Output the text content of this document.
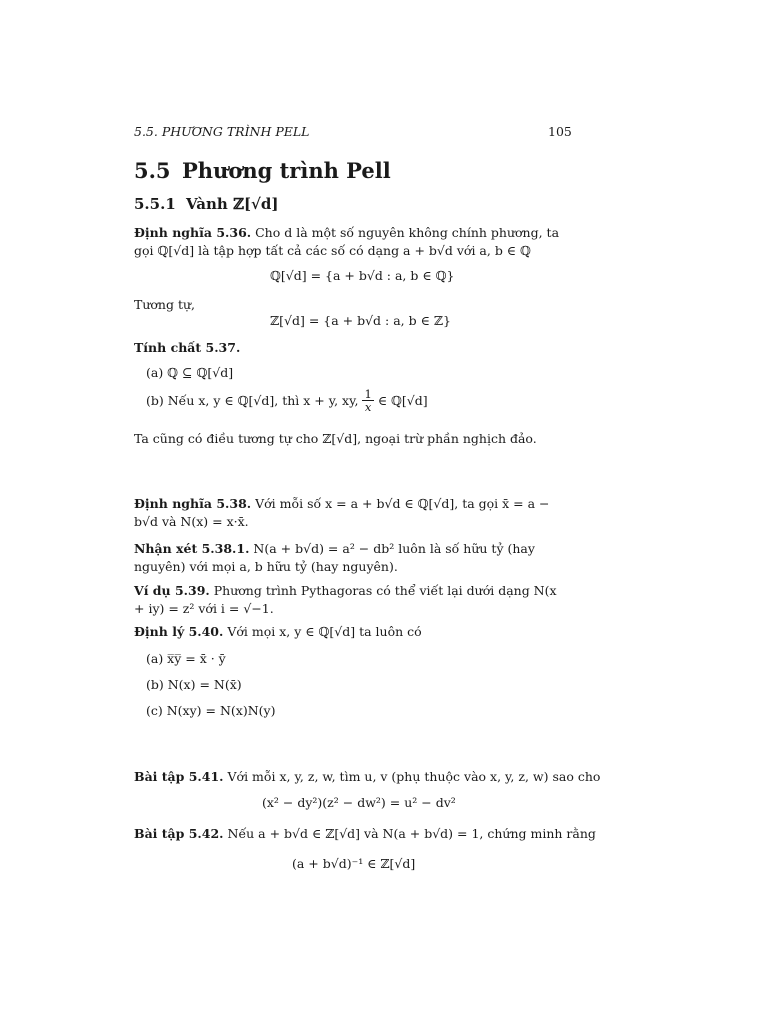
5.5. PHƯƠNG TRÌNH PELL	105
5.5 Phương trình Pell
5.5.1 Vành ℤ[√d]
Định nghĩa 5.36. Cho d là một số nguyên không chính phương, ta gọi ℚ[√d] là tập hợp tất cả các số có dạng a + b√d với a, b ∈ ℚ
ℚ[√d] = {a + b√d : a, b ∈ ℚ}
Tương tự,
ℤ[√d] = {a + b√d : a, b ∈ ℤ}
Tính chất 5.37.
(a) ℚ ⊆ ℚ[√d]
(b) Nếu x, y ∈ ℚ[√d], thì x + y, xy, 1
x ∈ ℚ[√d]
Ta cũng có điều tương tự cho ℤ[√d], ngoại trừ phần nghịch đảo.
Định nghĩa 5.38. Với mỗi số x = a + b√d ∈ ℚ[√d], ta gọi x̄ = a − b√d và N(x) = x·x̄.
Nhận xét 5.38.1. N(a + b√d) = a² − db² luôn là số hữu tỷ (hay nguyên) với mọi a, b hữu tỷ (hay nguyên).
Ví dụ 5.39. Phương trình Pythagoras có thể viết lại dưới dạng N(x + iy) = z² với i = √−1.
Định lý 5.40. Với mọi x, y ∈ ℚ[√d] ta luôn có
(a) x̅y̅ = x̄ · ȳ
(b) N(x) = N(x̄)
(c) N(xy) = N(x)N(y)
Bài tập 5.41. Với mỗi x, y, z, w, tìm u, v (phụ thuộc vào x, y, z, w) sao cho
(x² − dy²)(z² − dw²) = u² − dv²
Bài tập 5.42. Nếu a + b√d ∈ ℤ[√d] và N(a + b√d) = 1, chứng minh rằng
(a + b√d)⁻¹ ∈ ℤ[√d]
